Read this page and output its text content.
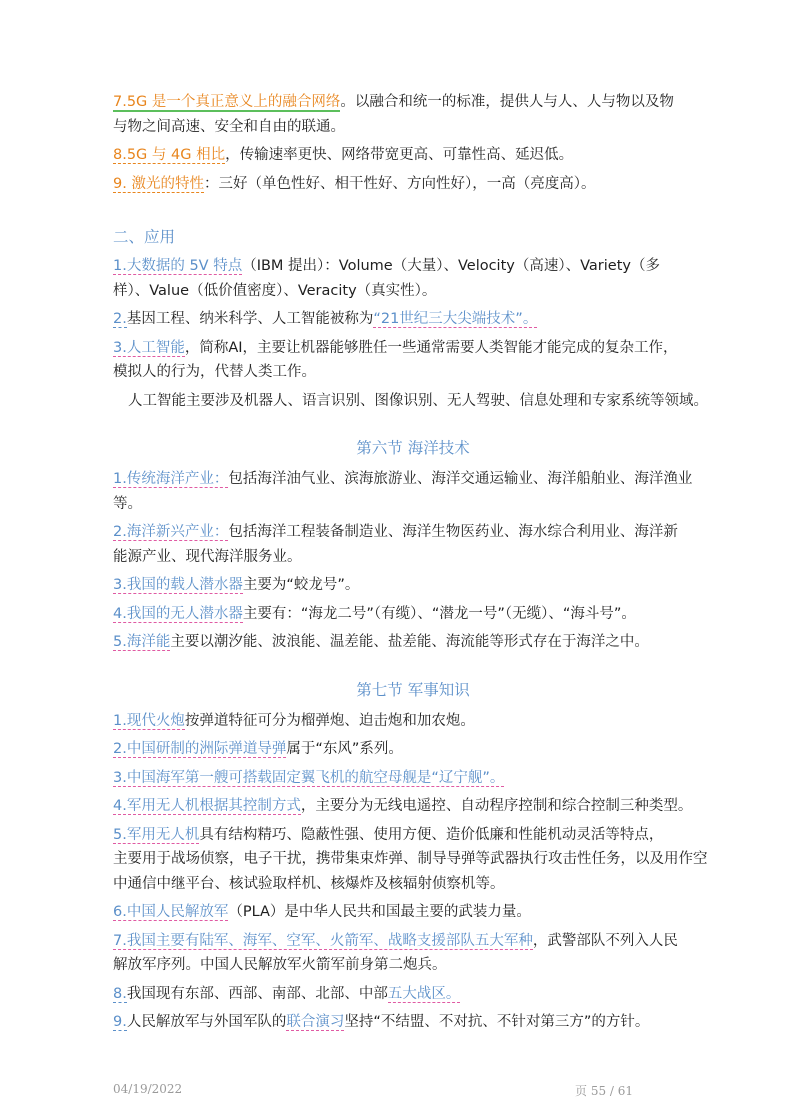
7.5G 是一个真正意义上的融合网络。以融合和统一的标准，提供人与人、人与物以及物
与物之间高速、安全和自由的联通。

8.5G 与 4G 相比，传输速率更快、网络带宽更高、可靠性高、延迟低。

9. 激光的特性：三好（单色性好、相干性好、方向性好），一高（亮度高）。

二、应用

1.大数据的 5V 特点（IBM 提出）：Volume（大量）、Velocity（高速）、Variety（多
样）、Value（低价值密度）、Veracity（真实性）。

2.基因工程、纳米科学、人工智能被称为“21世纪三大尖端技术”。

3.人工智能，简称AI，主要让机器能够胜任一些通常需要人类智能才能完成的复杂工作，
模拟人的行为，代替人类工作。

人工智能主要涉及机器人、语言识别、图像识别、无人驾驶、信息处理和专家系统等领域。

第六节 海洋技术

1.传统海洋产业：包括海洋油气业、滨海旅游业、海洋交通运输业、海洋船舶业、海洋渔业等。

2.海洋新兴产业：包括海洋工程装备制造业、海洋生物医药业、海水综合利用业、海洋新
能源产业、现代海洋服务业。

3.我国的载人潜水器主要为“蛟龙号”。

4.我国的无人潜水器主要有：“海龙二号”（有缆）、“潜龙一号”（无缆）、“海斗号”。

5.海洋能主要以潮汐能、波浪能、温差能、盐差能、海流能等形式存在于海洋之中。

第七节 军事知识

1.现代火炮按弹道特征可分为榴弹炮、迫击炮和加农炮。

2.中国研制的洲际弹道导弹属于“东风”系列。

3.中国海军第一艘可搭载固定翼飞机的航空母舰是“辽宁舰”。

4.军用无人机根据其控制方式，主要分为无线电遥控、自动程序控制和综合控制三种类型。

5.军用无人机具有结构精巧、隐蔽性强、使用方便、造价低廉和性能机动灵活等特点，
主要用于战场侦察，电子干扰，携带集束炸弹、制导导弹等武器执行攻击性任务，以及用作空
中通信中继平台、核试验取样机、核爆炸及核辐射侦察机等。

6.中国人民解放军（PLA）是中华人民共和国最主要的武装力量。

7.我国主要有陆军、海军、空军、火箭军、战略支援部队五大军种，武警部队不列入人民
解放军序列。中国人民解放军火箭军前身第二炮兵。

8.我国现有东部、西部、南部、北部、中部五大战区。

9.人民解放军与外国军队的联合演习坚持“不结盟、不对抗、不针对第三方”的方针。

04/19/2022	页 55 / 61
